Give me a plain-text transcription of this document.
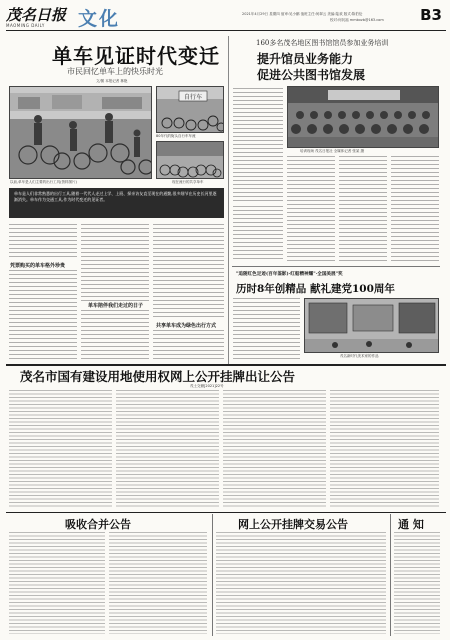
茂名日报
MAOMING DAILY 文化	2021年4月29日 星期四 值审:吴小鹏 值班主任:何翠云 美编:陆欢 版式:陈伯伦
校对:何钊福 mmbxzb@163.com B3
单车见证时代变迁
市民回忆单车上的快乐时光
文/图 本报记者 林艳
以前,单车是人们主要的出行工具(资料图片)
自行车
80年代的街头自行车车流
现在流行的共享单车
单车是人们非常熟悉的出行工具,随着一代代人走过上学、上班、探亲访友直至现在的通勤,很多细节在历史长河里逐渐消失。单车作为交通工具,作为时代变迁的见证者。
凭票购买的单车格外珍贵
单车陪伴我们走过的日子
共享单车成为绿色出行方式
160多名茂名地区图书馆馆员参加业务培训
提升馆员业务能力
促进公共图书馆发展
培训现场 茂名日报社 全媒体记者 张某 摄
"追随红色足迹(百年鉴影)·红船精神耀"·全国美展"奖
历时8年创精品 献礼建党100周年
茂名新时代美术家的作品
茂名市国有建设用地使用权网上公开挂牌出让公告
茂土交储[2021]22号
吸收合并公告	网上公开挂牌交易公告	通 知
